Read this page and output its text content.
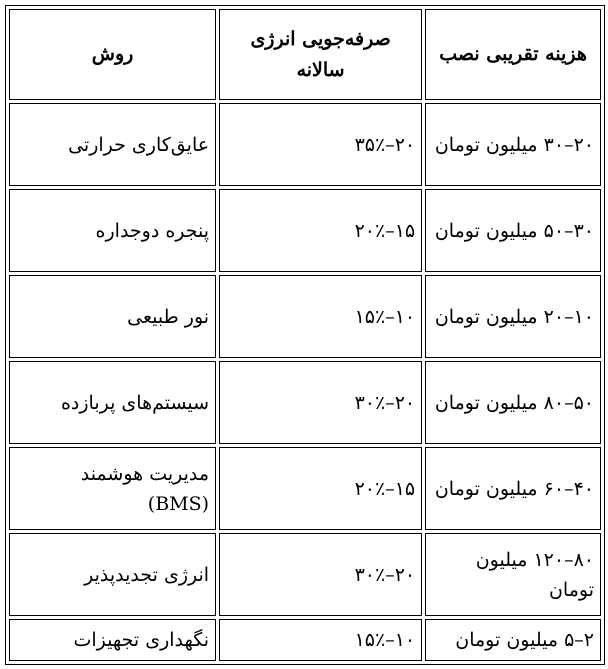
هزینه تقریبی نصب	صرفه‌جویی انرژی سالانه	روش
۲۰–۳۰ میلیون تومان	۲۰–۳۵٪	عایق‌کاری حرارتی
۳۰–۵۰ میلیون تومان	۱۵–۲۰٪	پنجره دوجداره
۱۰–۲۰ میلیون تومان	۱۰–۱۵٪	نور طبیعی
۵۰–۸۰ میلیون تومان	۲۰–۳۰٪	سیستم‌های پربازده
۴۰–۶۰ میلیون تومان	۱۵–۲۰٪	مدیریت هوشمند (BMS)
۸۰–۱۲۰ میلیون تومان	۲۰–۳۰٪	انرژی تجدیدپذیر
۲–۵ میلیون تومان	۱۰–۱۵٪	نگهداری تجهیزات
